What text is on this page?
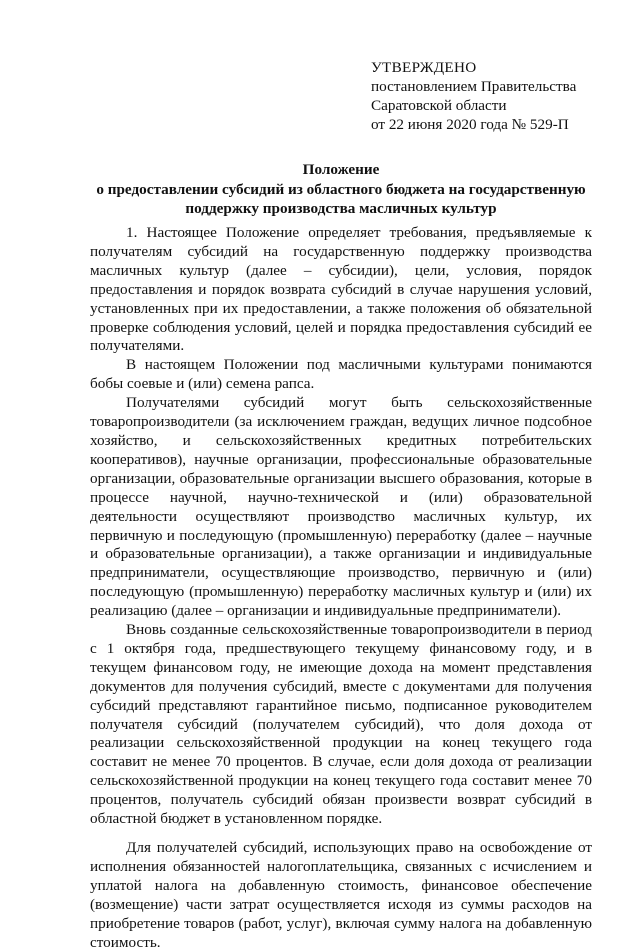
УТВЕРЖДЕНО
постановлением Правительства
Саратовской области
от 22 июня 2020 года № 529-П
Положение
о предоставлении субсидий из областного бюджета на государственную
поддержку производства масличных культур

1. Настоящее Положение определяет требования, предъявляемые к получателям субсидий на государственную поддержку производства масличных культур (далее – субсидии), цели, условия, порядок предоставления и порядок возврата субсидий в случае нарушения условий, установленных при их предоставлении, а также положения об обязательной проверке соблюдения условий, целей и порядка предоставления субсидий ее получателями.

В настоящем Положении под масличными культурами понимаются бобы соевые и (или) семена рапса.

Получателями субсидий могут быть сельскохозяйственные товаропроизводители (за исключением граждан, ведущих личное подсобное хозяйство, и сельскохозяйственных кредитных потребительских кооперативов), научные организации, профессиональные образовательные организации, образовательные организации высшего образования, которые в процессе научной, научно-технической и (или) образовательной деятельности осуществляют производство масличных культур, их первичную и последующую (промышленную) переработку (далее – научные и образовательные организации), а также организации и индивидуальные предприниматели, осуществляющие производство, первичную и (или) последующую (промышленную) переработку масличных культур и (или) их реализацию (далее – организации и индивидуальные предприниматели).

Вновь созданные сельскохозяйственные товаропроизводители в период с 1 октября года, предшествующего текущему финансовому году, и в текущем финансовом году, не имеющие дохода на момент представления документов для получения субсидий, вместе с документами для получения субсидий представляют гарантийное письмо, подписанное руководителем получателя субсидий (получателем субсидий), что доля дохода от реализации сельскохозяйственной продукции на конец текущего года составит не менее 70 процентов. В случае, если доля дохода от реализации сельскохозяйственной продукции на конец текущего года составит менее 70 процентов, получатель субсидий обязан произвести возврат субсидий в областной бюджет в установленном порядке.

Для получателей субсидий, использующих право на освобождение от исполнения обязанностей налогоплательщика, связанных с исчислением и уплатой налога на добавленную стоимость, финансовое обеспечение (возмещение) части затрат осуществляется исходя из суммы расходов на приобретение товаров (работ, услуг), включая сумму налога на добавленную стоимость.
